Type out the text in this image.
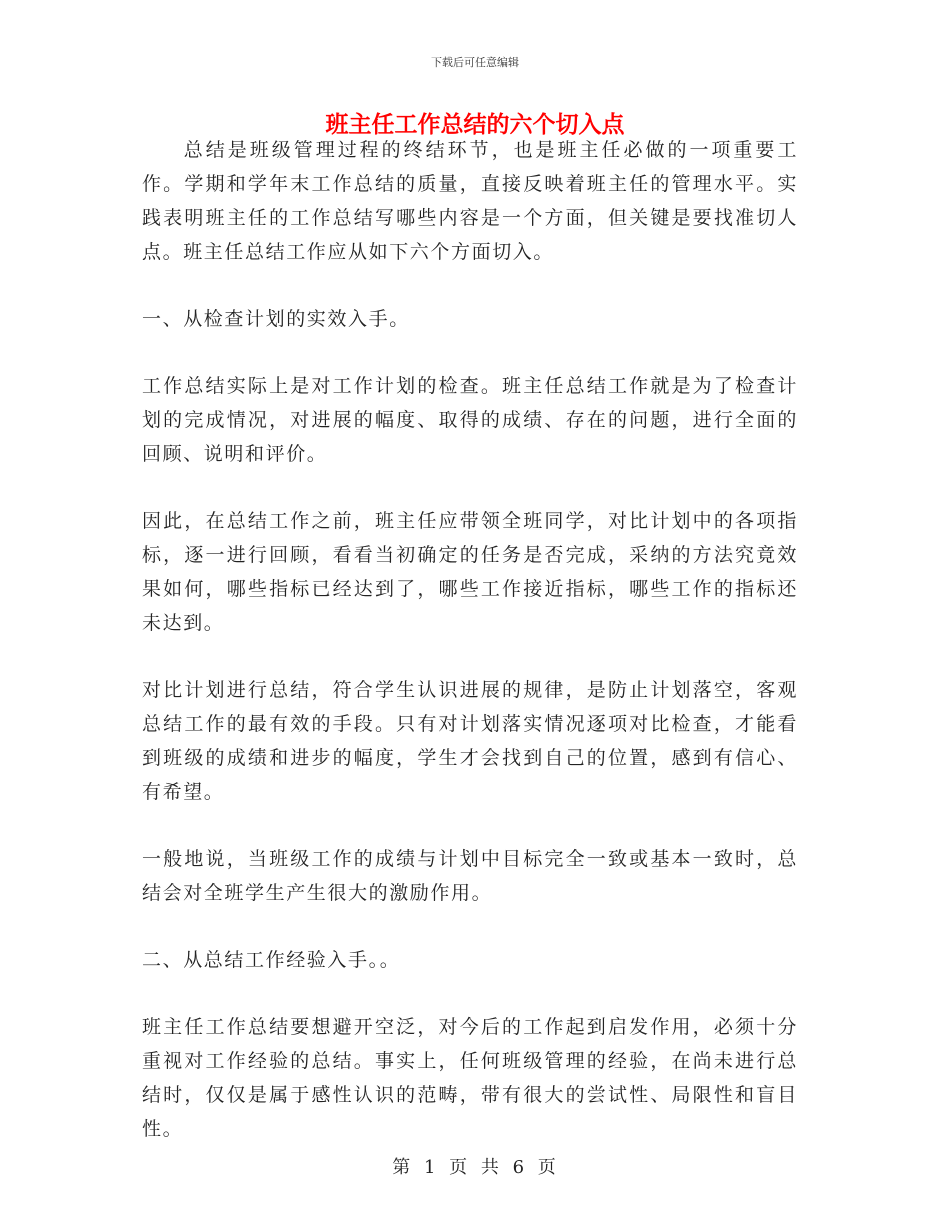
下载后可任意编辑
班主任工作总结的六个切入点

总结是班级管理过程的终结环节，也是班主任必做的一项重要工作。学期和学年末工作总结的质量，直接反映着班主任的管理水平。实践表明班主任的工作总结写哪些内容是一个方面，但关键是要找准切人点。班主任总结工作应从如下六个方面切入。

一、从检查计划的实效入手。

工作总结实际上是对工作计划的检查。班主任总结工作就是为了检查计划的完成情况，对进展的幅度、取得的成绩、存在的问题，进行全面的回顾、说明和评价。

因此，在总结工作之前，班主任应带领全班同学，对比计划中的各项指标，逐一进行回顾，看看当初确定的任务是否完成，采纳的方法究竟效果如何，哪些指标已经达到了，哪些工作接近指标，哪些工作的指标还未达到。

对比计划进行总结，符合学生认识进展的规律，是防止计划落空，客观总结工作的最有效的手段。只有对计划落实情况逐项对比检查，才能看到班级的成绩和进步的幅度，学生才会找到自己的位置，感到有信心、有希望。

一般地说，当班级工作的成绩与计划中目标完全一致或基本一致时，总结会对全班学生产生很大的激励作用。

二、从总结工作经验入手。。

班主任工作总结要想避开空泛，对今后的工作起到启发作用，必须十分重视对工作经验的总结。事实上，任何班级管理的经验，在尚未进行总结时，仅仅是属于感性认识的范畴，带有很大的尝试性、局限性和盲目性。

第 1 页 共 6 页
